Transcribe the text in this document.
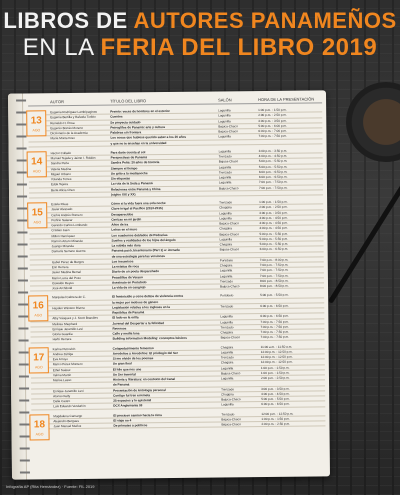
LIBROS DE AUTORES PANAMEÑOS
EN LA FERIA DEL LIBRO 2019
AUTOR	TÍTULO DEL LIBRO	SALÓN	HORA DE LA PRESENTACIÓN
13
AGO
Eugenia Rodríguez Lamb/paginas	Premio: voces de hombres en el exterior	Lagunilla	1:00 p.m. - 1:50 p.m.
Eugenia Bertilla y Rafaela Toribio	Cuentos	Lagunilla	2:00 p.m. - 2:50 p.m.
Reinaldo H. Rosa	Se proyecta cuidado	Lagunilla	3:00 p.m. - 3:50 p.m.
Eugenio Borrás Moreno	Petroglifos de Panamá: arte y cultura	Bajuca-Chacó	5:00 p.m. - 6:00 p.m.
Diccionario de la Academia	Palabras sin frontera	Bajuca-Chacó	6:00 p.m. - 7:00 p.m.
María Monterroso	Los cosas que hubiese querido saber a los 20 años	Lagunilla	7:00 p.m. - 7:50 p.m.
y que no te enseñan en la universidad
14
AGO
Héctor Collado	Para darte cuenta al sol	Lagunilla	3:00 p.m. - 3:50 p.m.
Manuel Tejada y Jaime I. Roldán	Perspectivas de Panamá	Trenzado	4:00 p.m. - 4:50 p.m.
Sandra Peña	Sandra Peña: 20 años de historia	Bajuca-Chacó	5:00 p.m. - 5:50 p.m.
Valeria Medina	Siempre el tiempo	Lagunilla	5:00 p.m. - 5:50 p.m.
Miguel Urbano	Un grito a la medianoche	Trenzado	6:00 p.m. - 6:50 p.m.
Yolanda Torres	Sin etiquetas	Lagunilla	6:00 p.m. - 6:50 p.m.
Edda Tejeira	La ruta de la Seda y Panamá	Lagunilla	7:00 p.m. - 7:50 p.m.
Berta Alicia Chen	Relaciones entre Panamá y China	Bajuca-Chacó	7:00 p.m. - 7:50 p.m.
(siglos XIX y XX)
15
AGO
Estela Rivas	Cómo si la vida fuera una sola noche	Trenzado	1:00 p.m. - 1:50 p.m.
Javier Alvarado	Clave irrigal al Pacífico (2013-2015)	Chagüira	2:00 p.m. - 2:50 p.m.
Carlos Andrés Romero	Desaparecidos	Lagunilla	3:00 p.m. - 3:50 p.m.
Porfirio Salazar	Cenizas en mi jardín	Lagunilla	4:00 p.m. - 4:50 p.m.
Gerardo Carlos Lombardo	Años de ira	Bajuca-Chacó	4:00 p.m. - 4:50 p.m.
Cristian Jaén	Letras en el muro	Chagüira	4:00 p.m. - 4:50 p.m.
Milton Henríquez	Los cuadernos doblados de Pedrarias	Bajuca-Chacó	5:00 p.m. - 5:50 p.m.
Ramón Arturo Miranda	Sueños y realidades de los hijos del ángulo	Lagunilla	5:00 p.m. - 5:50 p.m.
Juango Miranda	La subida más dura	Chagüira	5:00 p.m. - 5:50 p.m.
Damaris Serrano Guerra	Panamá pasó, bicentenario (Part 1) a: Jornada	Bajuca-Chacó	6:00 p.m. - 6:50 p.m.
de una estrategia para las versiones
Isabel Pérez de Burgos	Los insumisos	Portobelo	7:00 p.m. - 8:00 p.m.
Eric Herrera	La estatua de roca	Chagüira	7:00 p.m. - 7:50 p.m.
Javier Medina Bernal	Diario de un poeta desparchado	Lagunilla	7:00 p.m. - 7:50 p.m.
Mario Lucía del Pozo	Pecadillos de Verano	Lagunilla	7:00 p.m. - 7:50 p.m.
Oswaldo Reyes	Asesinato en Portobelo	Trenzado	8:00 p.m. - 8:50 p.m.
José Archibold	La vida de un cangrejo	Bajuca-Chacó	8:00 p.m. - 8:50 p.m.
16
AGO
Marquisel Cabrera de C.	El feminicidio y otros delitos de violencia contra	Portobelo	5:00 p.m. - 5:50 p.m.
la mujer por motivos de género
Hayden Winston Rivera	Legislación relativa a los ingleses en la	Trenzado	6:00 p.m. - 6:50 p.m.
República de Panamá
Alby Vásquez y J. Scott Brandies	El lado en la orilla	Lagunilla	6:00 p.m. - 6:50 p.m.
Melissa Shepherd	Juvenal del Despertar a la felicidad	Lagunilla	7:00 p.m. - 7:50 p.m.
Enrique Jaramillo Levi	Reversos	Trenzado	7:00 p.m. - 7:50 p.m.
Gloria Guardia	Calle y media luna	Chagüira	7:00 p.m. - 7:50 p.m.
Herbi Herrera	Building Information Modeling: conceptos básicos	Bajuca-Chacó	7:00 p.m. - 7:50 p.m.
17
AGO
Karina Petrovich	Cotapedatrimento femenino	Chagüira	11:00 a.m. - 11:50 a.m.
Andrea Zúñiga	Arrodeños y Arrodeños: El privilegio del Ser	Lagunilla	12:00 p.m. - 12:50 p.m.
Eva Arroyo	Si me olvido de los poemas	Trenzado	12:00 p.m. - 12:50 p.m.
Marco Pérez Montero	Un gran final	Chagüira	12:00 p.m. - 12:50 p.m.
Ethel Suárez	El hilo que nos une	Lagunilla	1:00 p.m. - 1:50 p.m.
Velma Martín	Un Ser Inmortal	Bajuca-Chacó	1:00 p.m. - 1:50 p.m.
Marisa Lasso	Historia y literatura: en contexto del Canal	Lagunilla	2:00 p.m. - 2:50 p.m.
de Panamá
Enrique Jaramillo Levi	Presentación de Antología personal	Trenzado	3:00 p.m. - 3:50 p.m.
Alonso Kelly	Contigo fui tren erremeta	Chagüira	4:00 p.m. - 4:50 p.m.
Dalia Castro	25 espacios y lo epístemil	Bajuca-Chacó	5:00 p.m. - 5:50 p.m.
Luis Eduardo Verdurión	DCX Anglemanía 03	Lagunilla	6:00 p.m. - 6:50 p.m.
18
AGO
Magdalena Camargo	El precioso camino hacia la cima	Trenzado	12:00 p.m. - 12:50 p.m.
Alejandro Bergues	El viaje no 4	Bajuca-Chacó	1:00 p.m. - 1:50 p.m.
Juan Manuel Muñoz	De primates a políticos	Bajuca-Chacó	2:00 p.m. - 2:50 p.m.
Infografía AP (Rita Hernández) · Fuente: FIL 2019
